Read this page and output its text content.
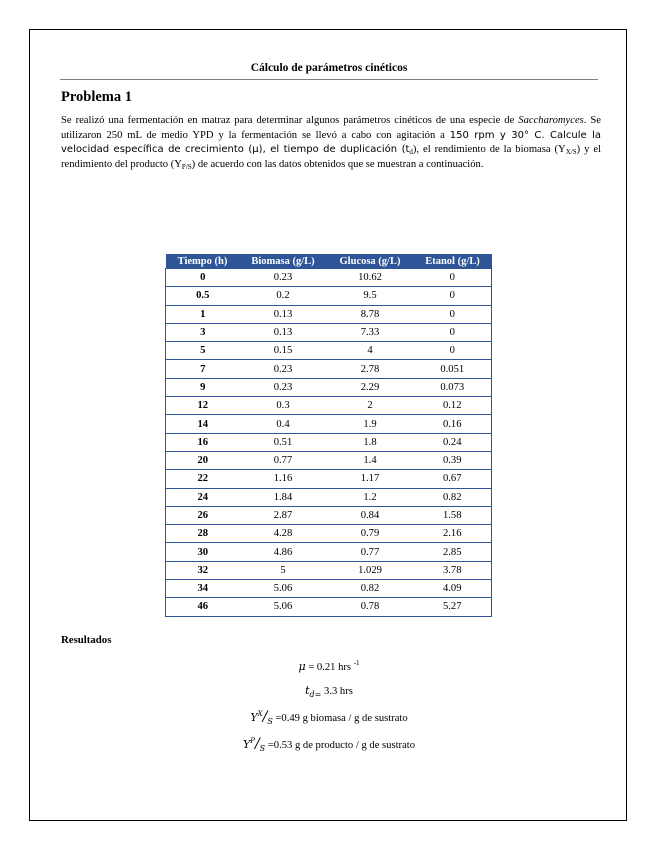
Cálculo de parámetros cinéticos
Problema 1
Se realizó una fermentación en matraz para determinar algunos parámetros cinéticos de una especie de Saccharomyces. Se utilizaron 250 mL de medio YPD y la fermentación se llevó a cabo con agitación a 150 rpm y 30° C. Calcule la velocidad específica de crecimiento (μ), el tiempo de duplicación $(t_d)$, el rendimiento de la biomasa $(Y_{X/S})$ y el rendimiento del producto $(Y_{P/S})$ de acuerdo con las datos obtenidos que se muestran a continuación.
Tiempo (h)	Biomasa (g/L)	Glucosa (g/L)	Etanol (g/L)
0	0.23	10.62	0
0.5	0.2	9.5	0
1	0.13	8.78	0
3	0.13	7.33	0
5	0.15	4	0
7	0.23	2.78	0.051
9	0.23	2.29	0.073
12	0.3	2	0.12
14	0.4	1.9	0.16
16	0.51	1.8	0.24
20	0.77	1.4	0.39
22	1.16	1.17	0.67
24	1.84	1.2	0.82
26	2.87	0.84	1.58
28	4.28	0.79	2.16
30	4.86	0.77	2.85
32	5	1.029	3.78
34	5.06	0.82	4.09
46	5.06	0.78	5.27
Resultados
μ = 0.21 hrs $^{-1}$
$t_{d=}$ 3.3 hrs
$Y^X/_S =0.49$ g biomasa / g de sustrato
$Y^P/_S =0.53$ g de producto / g de sustrato
